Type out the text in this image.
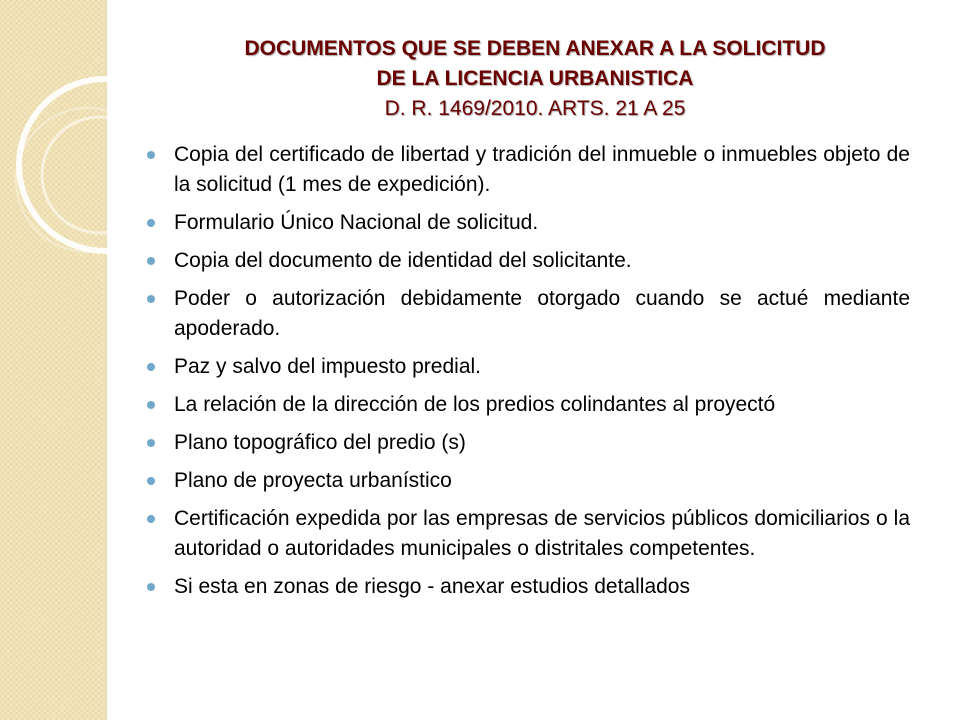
DOCUMENTOS QUE SE DEBEN ANEXAR A LA SOLICITUD
DE LA LICENCIA URBANISTICA
D. R. 1469/2010. ARTS. 21 A 25
Copia del certificado de libertad y tradición del inmueble o inmuebles objeto de la solicitud (1 mes de expedición).
Formulario Único Nacional de solicitud.
Copia del documento de identidad del solicitante.
Poder o autorización debidamente otorgado cuando se actué mediante apoderado.
Paz y salvo del impuesto predial.
La relación de la dirección de los predios colindantes al proyectó
Plano topográfico del predio (s)
Plano de proyecta urbanístico
Certificación expedida por las empresas de servicios públicos domiciliarios o la autoridad o autoridades municipales o distritales competentes.
Si esta en zonas de riesgo - anexar estudios detallados
